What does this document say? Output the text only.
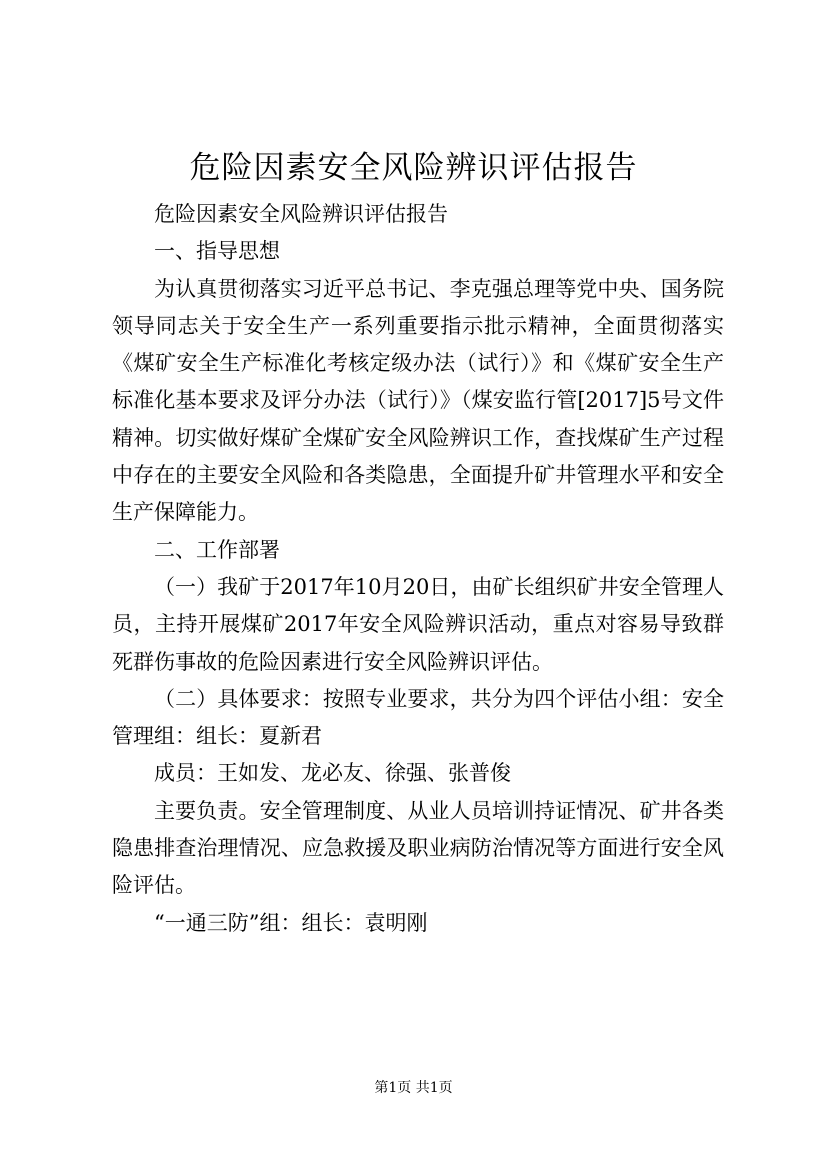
危险因素安全风险辨识评估报告

危险因素安全风险辨识评估报告

一、指导思想

为认真贯彻落实习近平总书记、李克强总理等党中央、国务院领导同志关于安全生产一系列重要指示批示精神，全面贯彻落实《煤矿安全生产标准化考核定级办法（试行）》和《煤矿安全生产标准化基本要求及评分办法（试行）》（煤安监行管[2017]5号文件精神。切实做好煤矿全煤矿安全风险辨识工作，查找煤矿生产过程中存在的主要安全风险和各类隐患，全面提升矿井管理水平和安全生产保障能力。

二、工作部署

（一）我矿于2017年10月20日，由矿长组织矿井安全管理人员，主持开展煤矿2017年安全风险辨识活动，重点对容易导致群死群伤事故的危险因素进行安全风险辨识评估。

（二）具体要求：按照专业要求，共分为四个评估小组：安全管理组：组长：夏新君

成员：王如发、龙必友、徐强、张普俊

主要负责。安全管理制度、从业人员培训持证情况、矿井各类隐患排查治理情况、应急救援及职业病防治情况等方面进行安全风险评估。

“一通三防”组：组长：袁明刚

第1页 共1页
